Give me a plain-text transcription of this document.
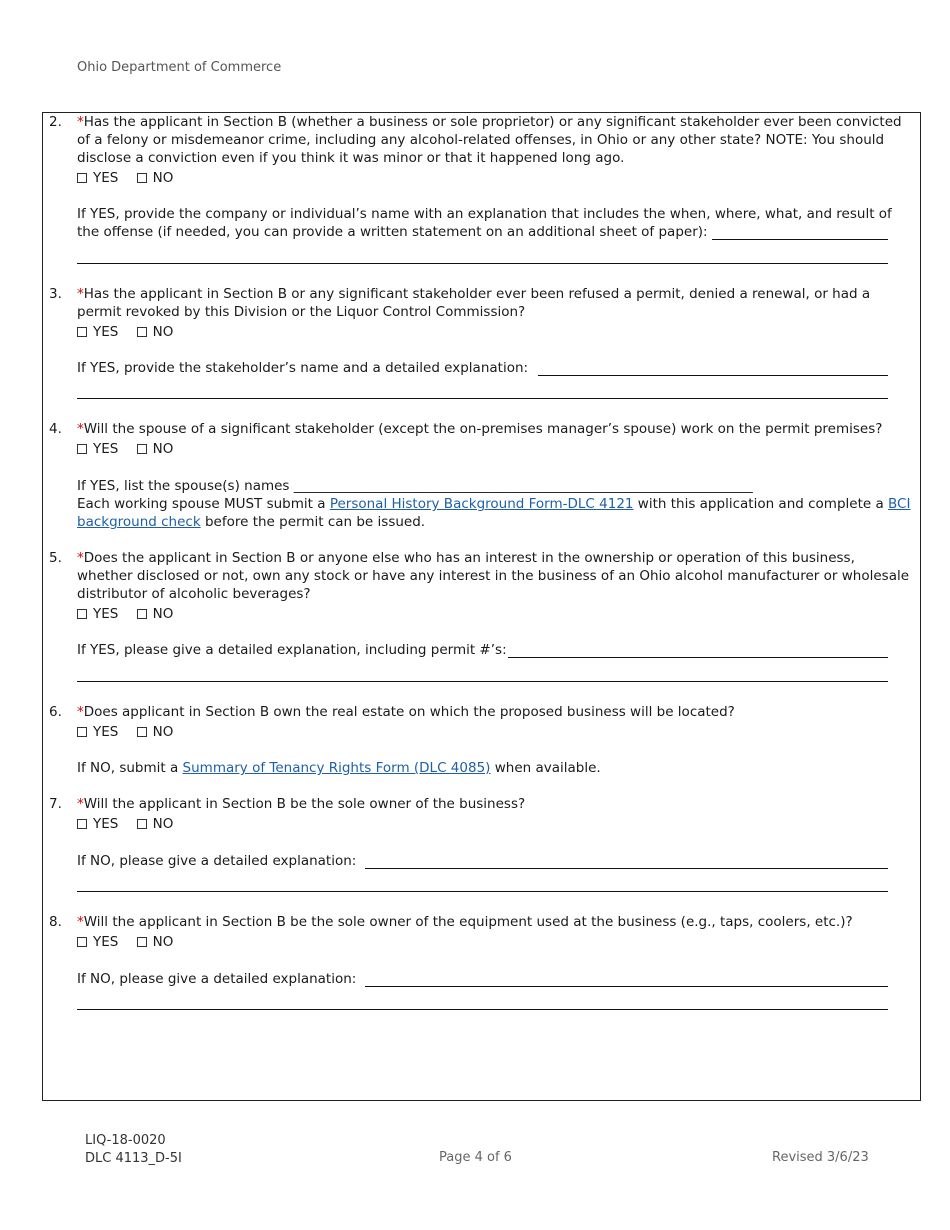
Ohio Department of Commerce
2. *Has the applicant in Section B (whether a business or sole proprietor) or any significant stakeholder ever been convicted of a felony or misdemeanor crime, including any alcohol-related offenses, in Ohio or any other state? NOTE: You should disclose a conviction even if you think it was minor or that it happened long ago.
YES	NO
If YES, provide the company or individual’s name with an explanation that includes the when, where, what, and result of the offense (if needed, you can provide a written statement on an additional sheet of paper):
3. *Has the applicant in Section B or any significant stakeholder ever been refused a permit, denied a renewal, or had a permit revoked by this Division or the Liquor Control Commission?
YES	NO
If YES, provide the stakeholder’s name and a detailed explanation:
4. *Will the spouse of a significant stakeholder (except the on-premises manager’s spouse) work on the permit premises?
YES	NO
If YES, list the spouse(s) names ____________________________________________________________________
Each working spouse MUST submit a Personal History Background Form-DLC 4121 with this application and complete a BCI background check before the permit can be issued.
5. *Does the applicant in Section B or anyone else who has an interest in the ownership or operation of this business, whether disclosed or not, own any stock or have any interest in the business of an Ohio alcohol manufacturer or wholesale distributor of alcoholic beverages?
YES	NO
If YES, please give a detailed explanation, including permit #’s:
6. *Does applicant in Section B own the real estate on which the proposed business will be located?
YES	NO
If NO, submit a Summary of Tenancy Rights Form (DLC 4085) when available.
7. *Will the applicant in Section B be the sole owner of the business?
YES	NO
If NO, please give a detailed explanation:
8. *Will the applicant in Section B be the sole owner of the equipment used at the business (e.g., taps, coolers, etc.)?
YES	NO
If NO, please give a detailed explanation:
LIQ-18-0020
DLC 4113_D-5I	Page 4 of 6	Revised 3/6/23
